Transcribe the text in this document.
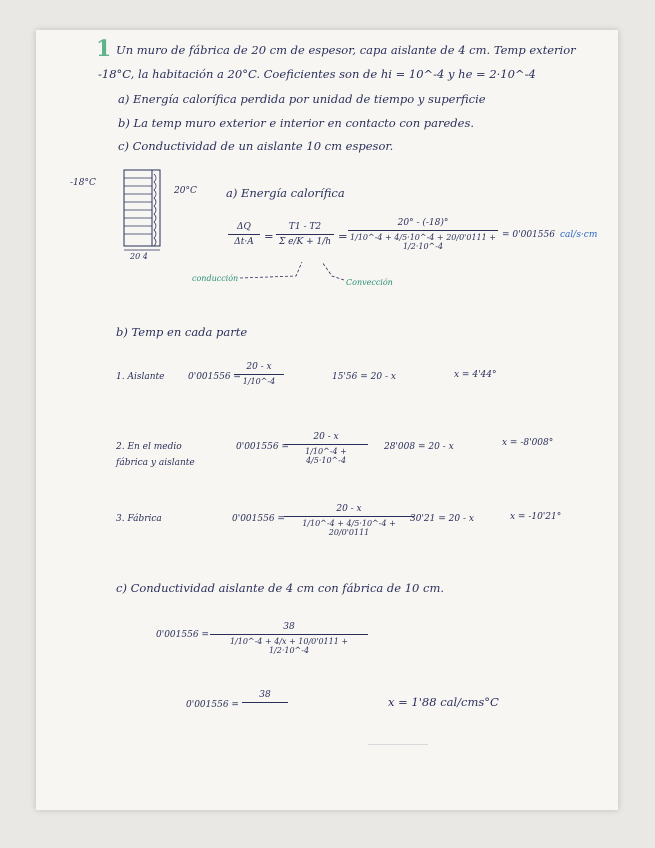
1 Un muro de fábrica de 20 cm de espesor, capa aislante de 4 cm. Temp exterior
-18°C, la habitación a 20°C. Coeficientes son de hi = 10^-4 y he = 2·10^-4
a) Energía calorífica perdida por unidad de tiempo y superficie
b) La temp muro exterior e interior en contacto con paredes.
c) Conductividad de un aislante 10 cm espesor.
-18°C
20 4
20°C	a) Energía calorífica
ΔQ
Δt·A =
T1 - T2
Σ e/K + 1/h =
20° - (-18)°
1/10^-4 + 4/5·10^-4 + 20/0'0111 + 1/2·10^-4
= 0'001556 cal/s·cm
conducción	Convección
b) Temp en cada parte
1. Aislante	0'001556 =
20 - x
1/10^-4	15'56 = 20 - x	x = 4'44°
2. En el medio
fábrica y aislante
0'001556 =
20 - x
1/10^-4 + 4/5·10^-4
28'008 = 20 - x	x = -8'008°
3. Fábrica	0'001556 =
20 - x
1/10^-4 + 4/5·10^-4 + 20/0'0111
30'21 = 20 - x	x = -10'21°
c) Conductividad aislante de 4 cm con fábrica de 10 cm.
0'001556 =
38
1/10^-4 + 4/x + 10/0'0111 + 1/2·10^-4
0'001556 =
38
	x = 1'88 cal/cms°C
